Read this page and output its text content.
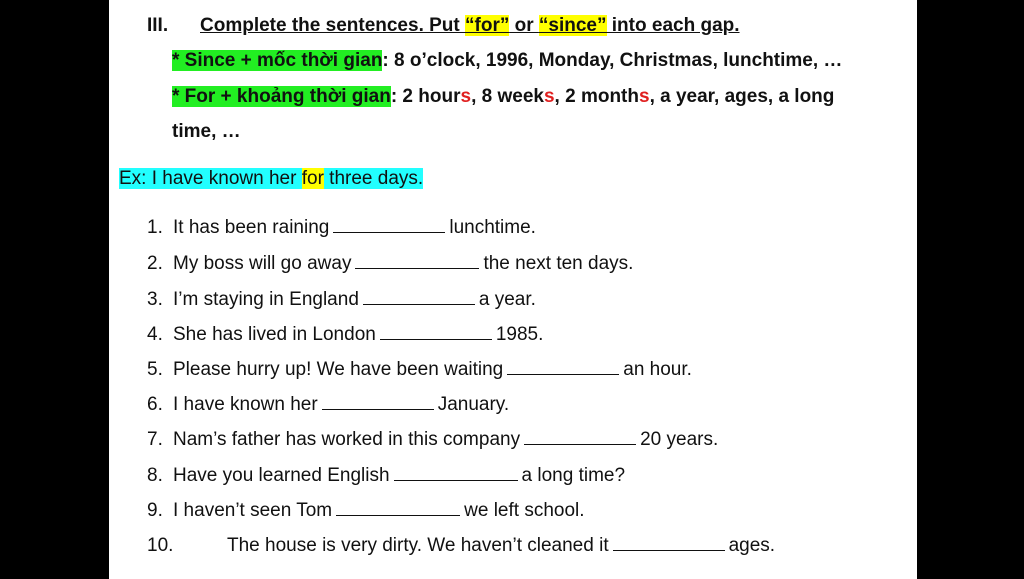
III. Complete the sentences. Put “for” or “since” into each gap.
* Since + mốc thời gian: 8 o’clock, 1996, Monday, Christmas, lunchtime, …
* For + khoảng thời gian: 2 hours, 8 weeks, 2 months, a year, ages, a long
time, …
Ex: I have known her for three days.
1. It has been raining	lunchtime.
2. My boss will go away	the next ten days.
3. I’m staying in England	a year.
4. She has lived in London	1985.
5. Please hurry up! We have been waiting	an hour.
6. I have known her	January.
7. Nam’s father has worked in this company	20 years.
8. Have you learned English	a long time?
9. I haven’t seen Tom	we left school.
10.	The house is very dirty. We haven’t cleaned it	ages.
